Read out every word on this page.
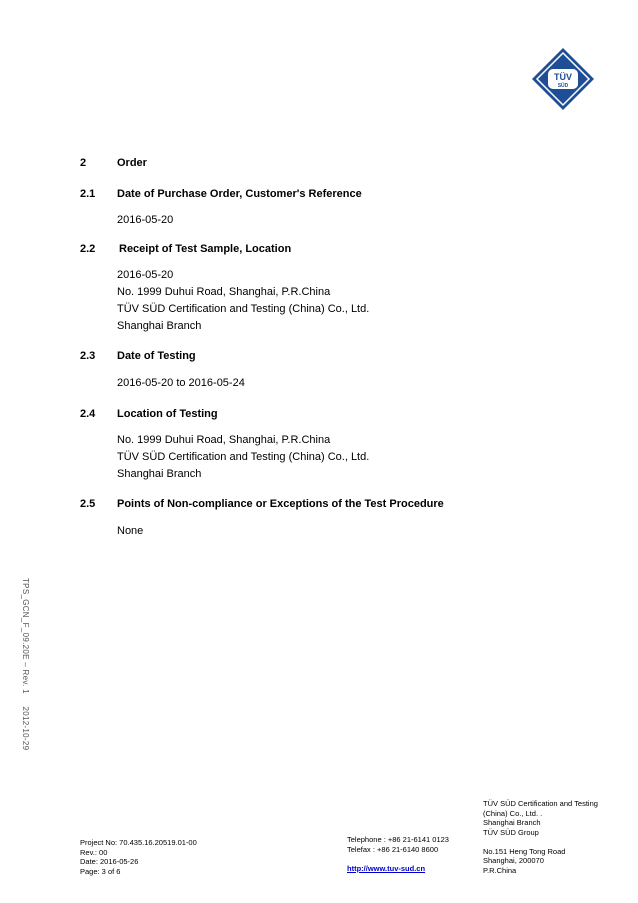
TÜV
SÜD
2	Order
2.1	Date of Purchase Order, Customer's Reference
2016-05-20
2.2	Receipt of Test Sample, Location
2016-05-20
No. 1999 Duhui Road, Shanghai, P.R.China
TÜV SÜD Certification and Testing (China) Co., Ltd.
Shanghai Branch
2.3	Date of Testing
2016-05-20 to 2016-05-24
2.4	Location of Testing
No. 1999 Duhui Road, Shanghai, P.R.China
TÜV SÜD Certification and Testing (China) Co., Ltd.
Shanghai Branch
2.5	Points of Non-compliance or Exceptions of the Test Procedure
None
TPS_GCN_F_09.20E – Rev. 1     2012-10-29
Project No: 70.435.16.20519.01-00
Rev.: 00
Date: 2016-05-26
Page: 3 of 6
Telephone : +86 21-6141 0123
Telefax : +86 21-6140 8600
http://www.tuv-sud.cn
TÜV SÜD Certification and Testing
(China) Co., Ltd. .
Shanghai Branch
TÜV SÜD Group
No.151 Heng Tong Road
Shanghai, 200070
P.R.China
